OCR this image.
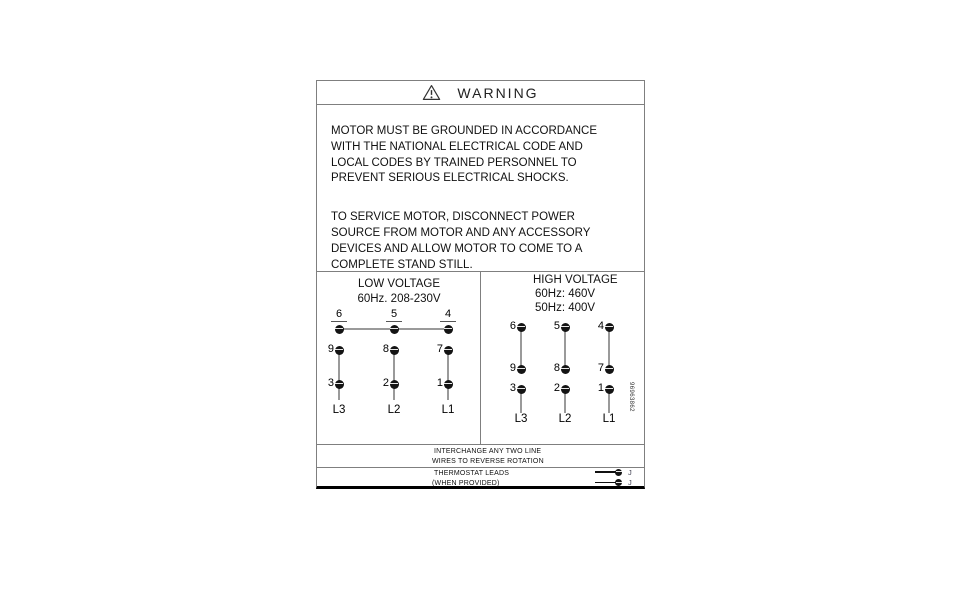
WARNING
MOTOR MUST BE GROUNDED IN ACCORDANCE
WITH THE NATIONAL ELECTRICAL CODE AND
LOCAL CODES BY TRAINED PERSONNEL TO
PREVENT SERIOUS ELECTRICAL SHOCKS.
TO SERVICE MOTOR, DISCONNECT POWER
SOURCE FROM MOTOR AND ANY ACCESSORY
DEVICES AND ALLOW MOTOR TO COME TO A
COMPLETE STAND STILL.
LOW VOLTAGE
60Hz. 208-230V
6	5	4
9	8	7
3	2	1
L3	L2	L1
HIGH VOLTAGE
60Hz: 460V
50Hz: 400V
6	5	4
9	8	7
3	2	1
L3	L2	L1
96963862
INTERCHANGE ANY TWO LINE
WIRES TO REVERSE ROTATION
THERMOSTAT LEADS
(WHEN PROVIDED)
J
J
